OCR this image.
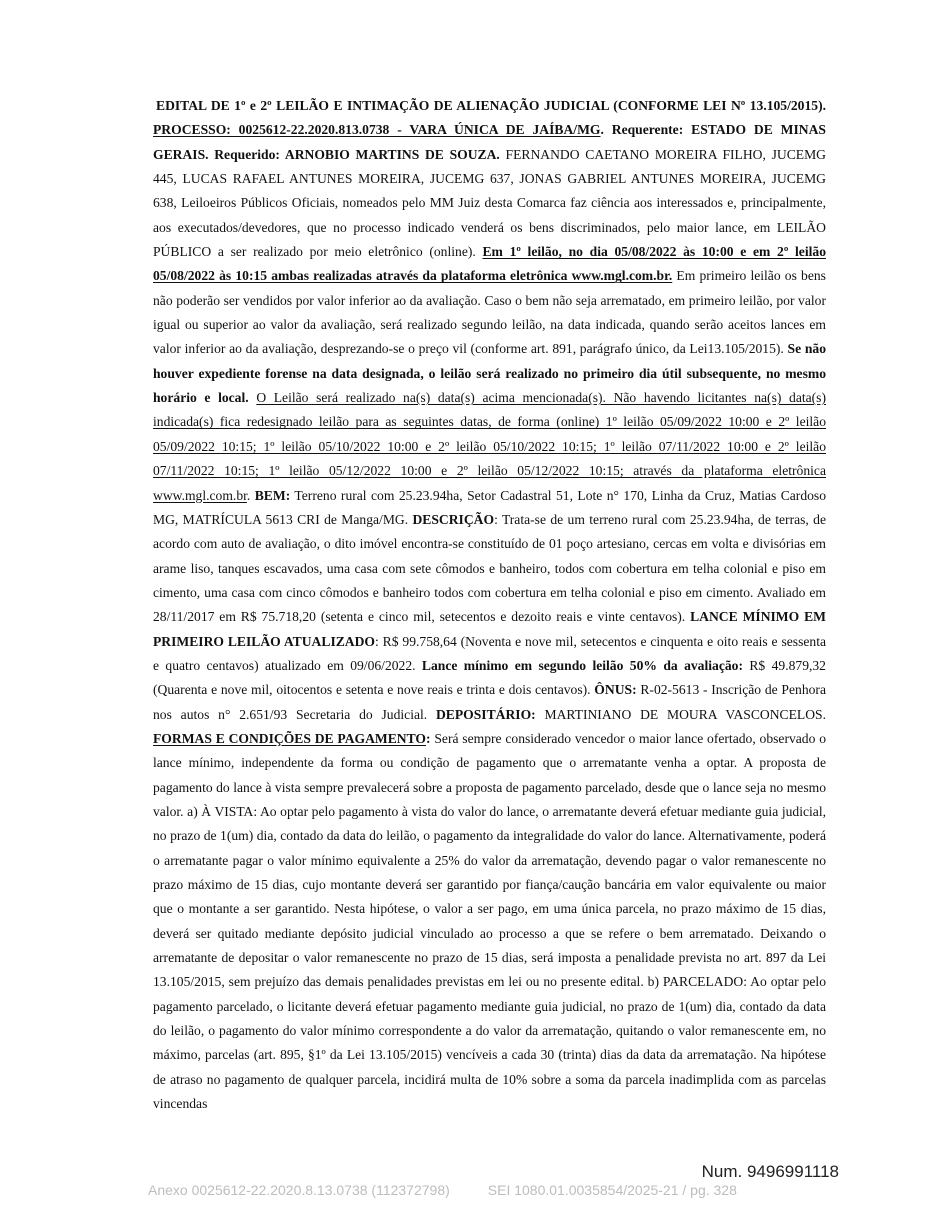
EDITAL DE 1º e 2º LEILÃO E INTIMAÇÃO DE ALIENAÇÃO JUDICIAL (CONFORME LEI Nº 13.105/2015). PROCESSO: 0025612-22.2020.813.0738 - VARA ÚNICA DE JAÍBA/MG. Requerente: ESTADO DE MINAS GERAIS. Requerido: ARNOBIO MARTINS DE SOUZA. FERNANDO CAETANO MOREIRA FILHO, JUCEMG 445, LUCAS RAFAEL ANTUNES MOREIRA, JUCEMG 637, JONAS GABRIEL ANTUNES MOREIRA, JUCEMG 638, Leiloeiros Públicos Oficiais, nomeados pelo MM Juiz desta Comarca faz ciência aos interessados e, principalmente, aos executados/devedores, que no processo indicado venderá os bens discriminados, pelo maior lance, em LEILÃO PÚBLICO a ser realizado por meio eletrônico (online). Em 1º leilão, no dia 05/08/2022 às 10:00 e em 2º leilão 05/08/2022 às 10:15 ambas realizadas através da plataforma eletrônica www.mgl.com.br. Em primeiro leilão os bens não poderão ser vendidos por valor inferior ao da avaliação. Caso o bem não seja arrematado, em primeiro leilão, por valor igual ou superior ao valor da avaliação, será realizado segundo leilão, na data indicada, quando serão aceitos lances em valor inferior ao da avaliação, desprezando-se o preço vil (conforme art. 891, parágrafo único, da Lei13.105/2015). Se não houver expediente forense na data designada, o leilão será realizado no primeiro dia útil subsequente, no mesmo horário e local. O Leilão será realizado na(s) data(s) acima mencionada(s). Não havendo licitantes na(s) data(s) indicada(s) fica redesignado leilão para as seguintes datas, de forma (online) 1º leilão 05/09/2022 10:00 e 2º leilão 05/09/2022 10:15; 1º leilão 05/10/2022 10:00 e 2º leilão 05/10/2022 10:15; 1º leilão 07/11/2022 10:00 e 2º leilão 07/11/2022 10:15; 1º leilão 05/12/2022 10:00 e 2º leilão 05/12/2022 10:15; através da plataforma eletrônica www.mgl.com.br. BEM: Terreno rural com 25.23.94ha, Setor Cadastral 51, Lote n° 170, Linha da Cruz, Matias Cardoso MG, MATRÍCULA 5613 CRI de Manga/MG. DESCRIÇÃO: Trata-se de um terreno rural com 25.23.94ha, de terras, de acordo com auto de avaliação, o dito imóvel encontra-se constituído de 01 poço artesiano, cercas em volta e divisórias em arame liso, tanques escavados, uma casa com sete cômodos e banheiro, todos com cobertura em telha colonial e piso em cimento, uma casa com cinco cômodos e banheiro todos com cobertura em telha colonial e piso em cimento. Avaliado em 28/11/2017 em R$ 75.718,20 (setenta e cinco mil, setecentos e dezoito reais e vinte centavos). LANCE MÍNIMO EM PRIMEIRO LEILÃO ATUALIZADO: R$ 99.758,64 (Noventa e nove mil, setecentos e cinquenta e oito reais e sessenta e quatro centavos) atualizado em 09/06/2022. Lance mínimo em segundo leilão 50% da avaliação: R$ 49.879,32 (Quarenta e nove mil, oitocentos e setenta e nove reais e trinta e dois centavos). ÔNUS: R-02-5613 - Inscrição de Penhora nos autos n° 2.651/93 Secretaria do Judicial. DEPOSITÁRIO: MARTINIANO DE MOURA VASCONCELOS. FORMAS E CONDIÇÕES DE PAGAMENTO: Será sempre considerado vencedor o maior lance ofertado, observado o lance mínimo, independente da forma ou condição de pagamento que o arrematante venha a optar. A proposta de pagamento do lance à vista sempre prevalecerá sobre a proposta de pagamento parcelado, desde que o lance seja no mesmo valor. a) À VISTA: Ao optar pelo pagamento à vista do valor do lance, o arrematante deverá efetuar mediante guia judicial, no prazo de 1(um) dia, contado da data do leilão, o pagamento da integralidade do valor do lance. Alternativamente, poderá o arrematante pagar o valor mínimo equivalente a 25% do valor da arrematação, devendo pagar o valor remanescente no prazo máximo de 15 dias, cujo montante deverá ser garantido por fiança/caução bancária em valor equivalente ou maior que o montante a ser garantido. Nesta hipótese, o valor a ser pago, em uma única parcela, no prazo máximo de 15 dias, deverá ser quitado mediante depósito judicial vinculado ao processo a que se refere o bem arrematado. Deixando o arrematante de depositar o valor remanescente no prazo de 15 dias, será imposta a penalidade prevista no art. 897 da Lei 13.105/2015, sem prejuízo das demais penalidades previstas em lei ou no presente edital. b) PARCELADO: Ao optar pelo pagamento parcelado, o licitante deverá efetuar pagamento mediante guia judicial, no prazo de 1(um) dia, contado da data do leilão, o pagamento do valor mínimo correspondente a do valor da arrematação, quitando o valor remanescente em, no máximo, parcelas (art. 895, §1º da Lei 13.105/2015) vencíveis a cada 30 (trinta) dias da data da arrematação. Na hipótese de atraso no pagamento de qualquer parcela, incidirá multa de 10% sobre a soma da parcela inadimplida com as parcelas vincendas

Num. 9496991118

Anexo 0025612-22.2020.8.13.0738 (112372798)	SEI 1080.01.0035854/2025-21 / pg. 328
